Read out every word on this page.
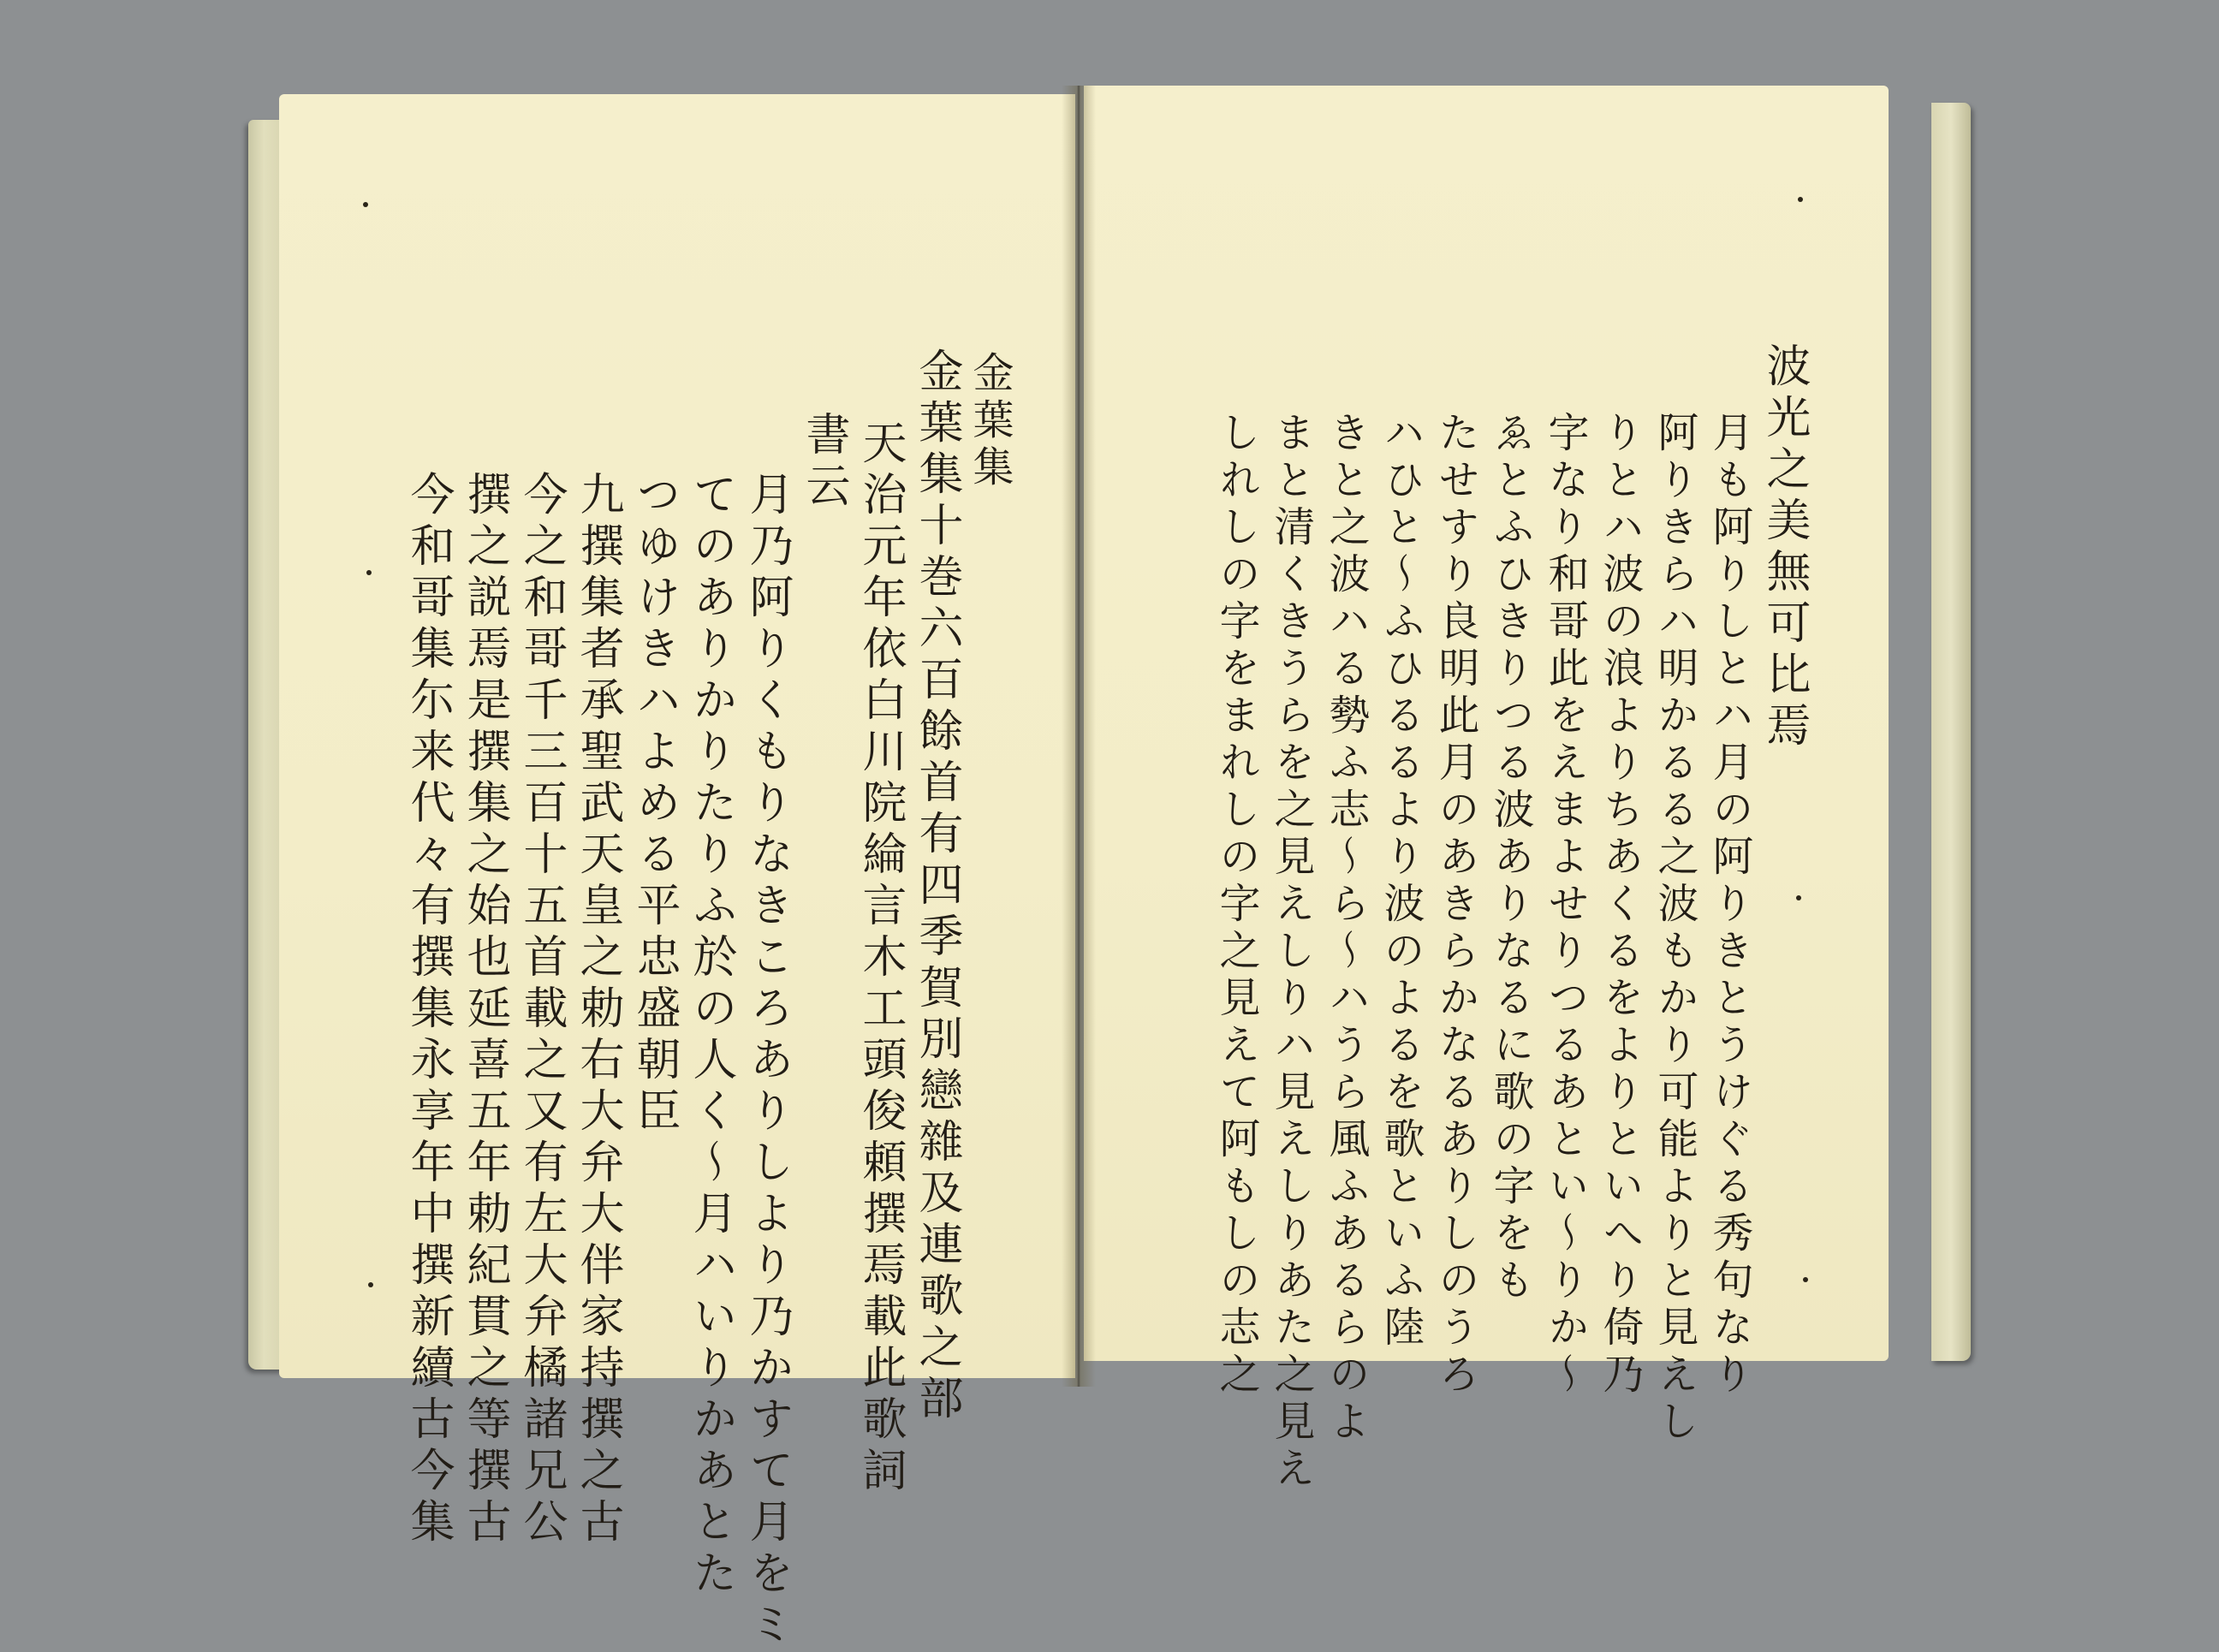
金葉集
金葉集十巻六百餘首有四季賀別戀雜及連歌之部
天治元年依白川院綸言木工頭俊頼撰焉載此歌詞
書云
月乃阿りくもりなきころありしより乃かすて月をミ
てのありかりたりふ於の人く〜月ハいりかあとた
つゆけきハよめる平忠盛朝臣
九撰集者承聖武天皇之勅右大弁大伴家持撰之古
今之和哥千三百十五首載之又有左大弁橘諸兄公
撰之説焉是撰集之始也延喜五年勅紀貫之等撰古
今和哥集尓来代々有撰集永享年中撰新續古今集	波光之美無可比焉
月も阿りしとハ月の阿りきとうけぐる秀句なり
阿りきらハ明かるる之波もかり可能よりと見えし
りとハ波の浪よりちあくるをよりといへり倚乃
字なり和哥此をえまよせりつるあとい〜りか〜
ゑとふひきりつる波ありなるに歌の字をも
たせすり良明此月のあきらかなるありしのうろ
ハひと〜ふひるるより波のよるを歌といふ陸
きと之波ハる勢ふ志〜ら〜ハうら風ふあるらのよ
まと清くきうらを之見えしりハ見えしりあた之見え
しれしの字をまれしの字之見えて阿もしの志之
